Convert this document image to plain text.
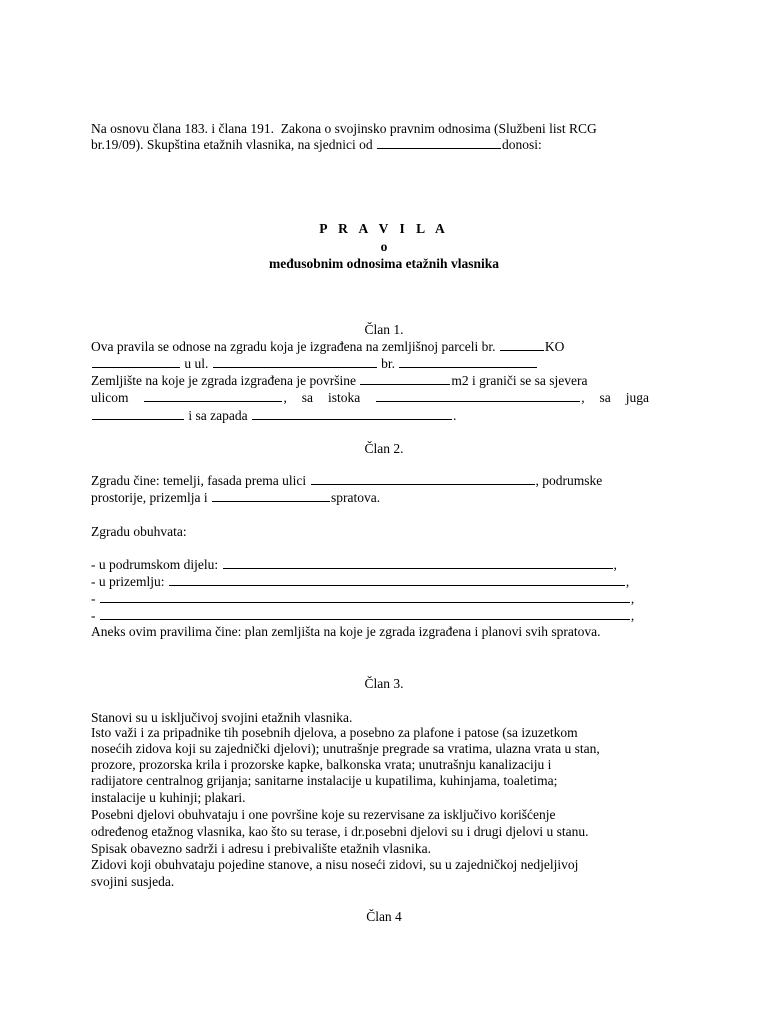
Na osnovu člana 183. i člana 191.  Zakona o svojinsko pravnim odnosima (Službeni list RCG
br.19/09). Skupština etažnih vlasnika, na sjednici od	donosi:
P R A V I L A
o
međusobnim odnosima etažnih vlasnika
Član 1.
Ova pravila se odnose na zgradu koja je izgrađena na zemljišnoj parceli br.	KO
u ul.	br.
Zemljište na koje je zgrada izgrađena je površine	m2 i graniči se sa sjevera
ulicom	, sa istoka	, sa juga
i sa zapada	.
Član 2.
Zgradu čine: temelji, fasada prema ulici	, podrumske
prostorije, prizemlja i	spratova.
Zgradu obuhvata:
- u podrumskom dijelu:	,
- u prizemlju:	,
-	,
-	,
Aneks ovim pravilima čine: plan zemljišta na koje je zgrada izgrađena i planovi svih spratova.
Član 3.
Stanovi su u isključivoj svojini etažnih vlasnika.
Isto važi i za pripadnike tih posebnih djelova, a posebno za plafone i patose (sa izuzetkom
nosećih zidova koji su zajednički djelovi); unutrašnje pregrade sa vratima, ulazna vrata u stan,
prozore, prozorska krila i prozorske kapke, balkonska vrata; unutrašnju kanalizaciju i
radijatore centralnog grijanja; sanitarne instalacije u kupatilima, kuhinjama, toaletima;
instalacije u kuhinji; plakari.
Posebni djelovi obuhvataju i one površine koje su rezervisane za isključivo korišćenje
određenog etažnog vlasnika, kao što su terase, i dr.posebni djelovi su i drugi djelovi u stanu.
Spisak obavezno sadrži i adresu i prebivalište etažnih vlasnika.
Zidovi koji obuhvataju pojedine stanove, a nisu noseći zidovi, su u zajedničkoj nedjeljivoj
svojini susjeda.
Član 4
